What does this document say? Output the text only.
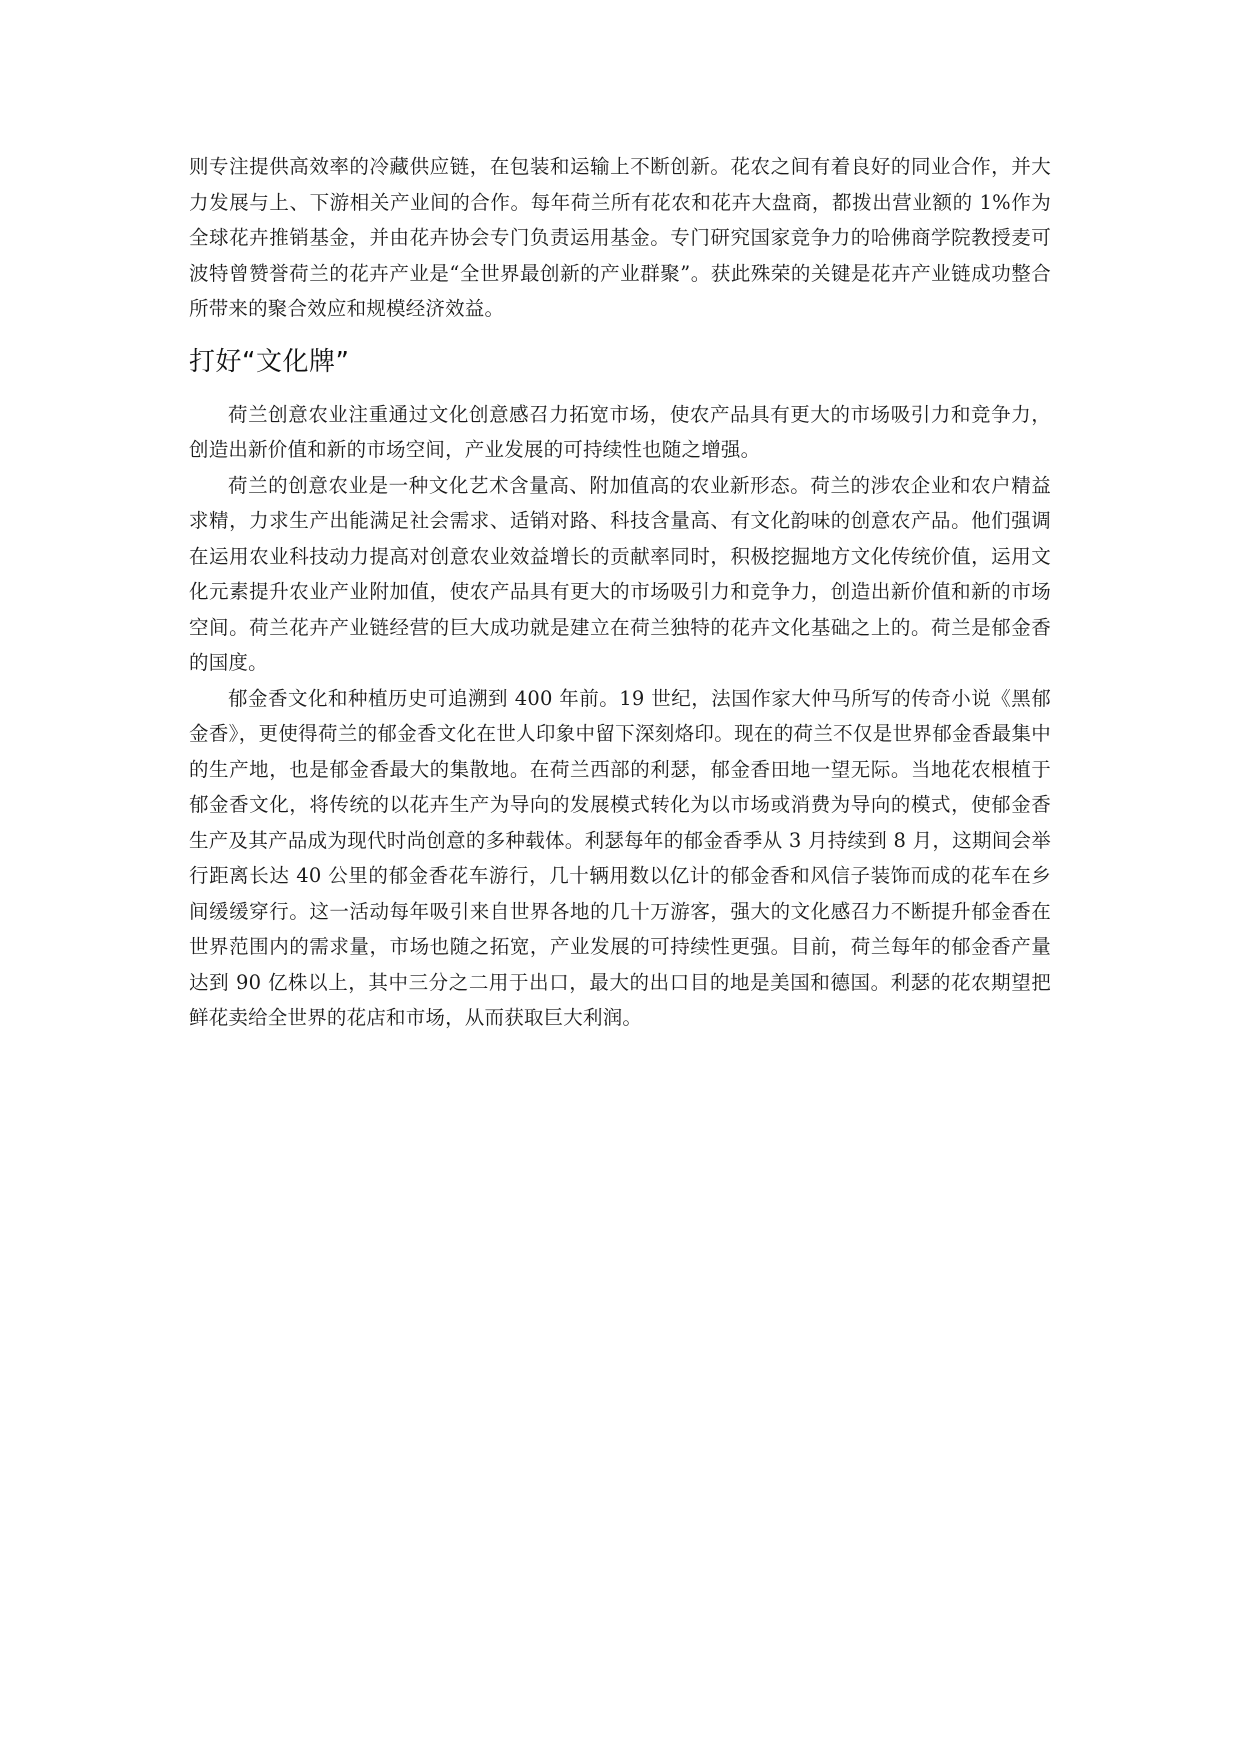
则专注提供高效率的冷藏供应链，在包装和运输上不断创新。花农之间有着良好的同业合作，并大力发展与上、下游相关产业间的合作。每年荷兰所有花农和花卉大盘商，都拨出营业额的 1%作为全球花卉推销基金，并由花卉协会专门负责运用基金。专门研究国家竞争力的哈佛商学院教授麦可波特曾赞誉荷兰的花卉产业是“全世界最创新的产业群聚”。获此殊荣的关键是花卉产业链成功整合所带来的聚合效应和规模经济效益。

打好“文化牌”

荷兰创意农业注重通过文化创意感召力拓宽市场，使农产品具有更大的市场吸引力和竞争力，创造出新价值和新的市场空间，产业发展的可持续性也随之增强。

荷兰的创意农业是一种文化艺术含量高、附加值高的农业新形态。荷兰的涉农企业和农户精益求精，力求生产出能满足社会需求、适销对路、科技含量高、有文化韵味的创意农产品。他们强调在运用农业科技动力提高对创意农业效益增长的贡献率同时，积极挖掘地方文化传统价值，运用文化元素提升农业产业附加值，使农产品具有更大的市场吸引力和竞争力，创造出新价值和新的市场空间。荷兰花卉产业链经营的巨大成功就是建立在荷兰独特的花卉文化基础之上的。荷兰是郁金香的国度。

郁金香文化和种植历史可追溯到 400 年前。19 世纪，法国作家大仲马所写的传奇小说《黑郁金香》，更使得荷兰的郁金香文化在世人印象中留下深刻烙印。现在的荷兰不仅是世界郁金香最集中的生产地，也是郁金香最大的集散地。在荷兰西部的利瑟，郁金香田地一望无际。当地花农根植于郁金香文化，将传统的以花卉生产为导向的发展模式转化为以市场或消费为导向的模式，使郁金香生产及其产品成为现代时尚创意的多种载体。利瑟每年的郁金香季从 3 月持续到 8 月，这期间会举行距离长达 40 公里的郁金香花车游行，几十辆用数以亿计的郁金香和风信子装饰而成的花车在乡间缓缓穿行。这一活动每年吸引来自世界各地的几十万游客，强大的文化感召力不断提升郁金香在世界范围内的需求量，市场也随之拓宽，产业发展的可持续性更强。目前，荷兰每年的郁金香产量达到 90 亿株以上，其中三分之二用于出口，最大的出口目的地是美国和德国。利瑟的花农期望把鲜花卖给全世界的花店和市场，从而获取巨大利润。
